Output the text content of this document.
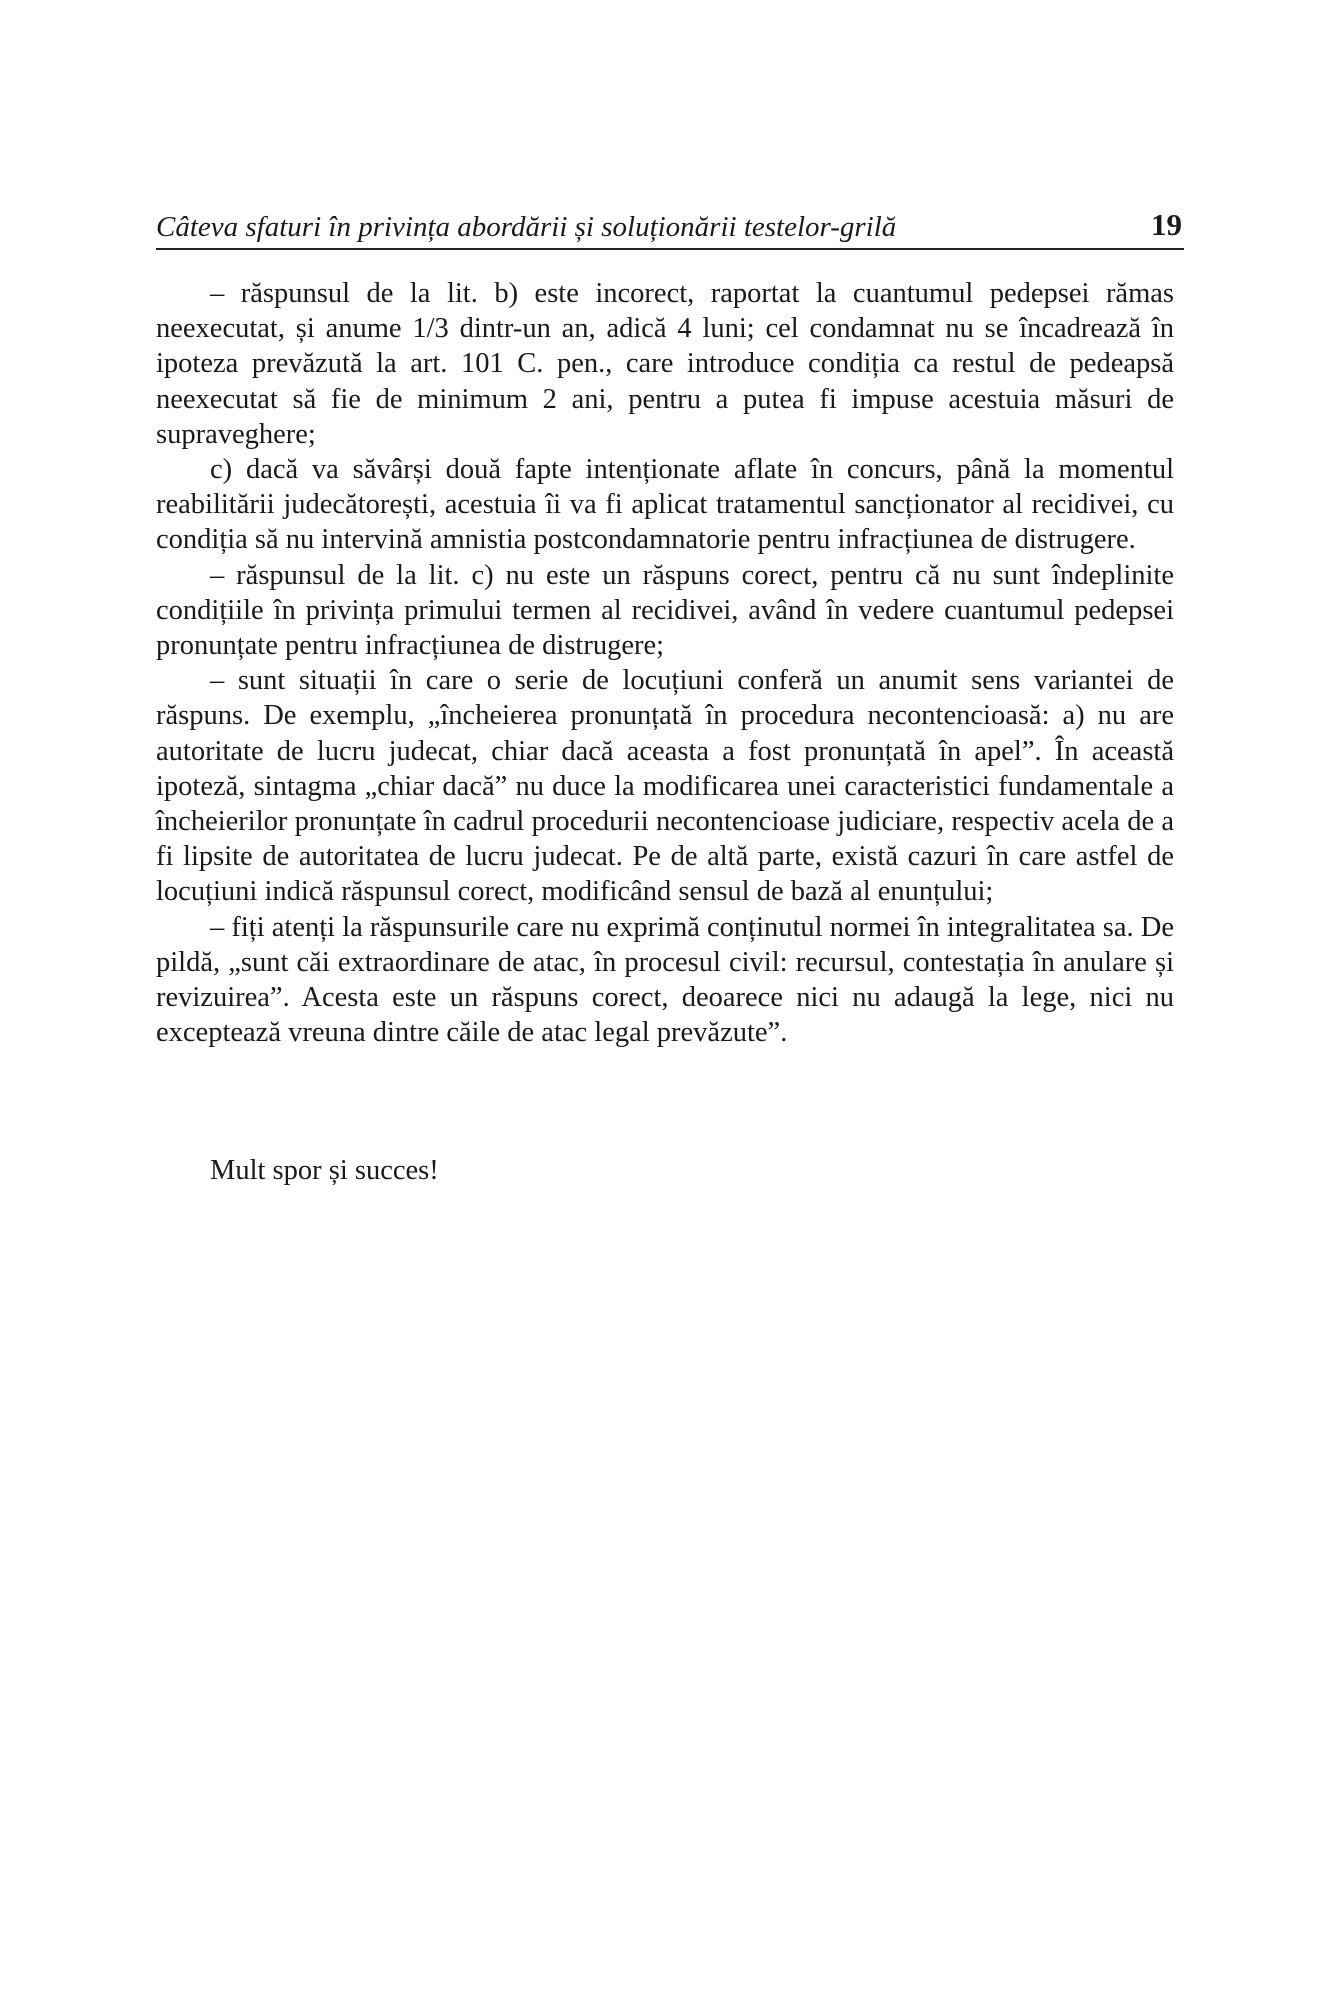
Câteva sfaturi în privința abordării și soluționării testelor-grilă	19

– răspunsul de la lit. b) este incorect, raportat la cuantumul pedepsei rămas neexecutat, și anume 1/3 dintr-un an, adică 4 luni; cel condamnat nu se încadrează în ipoteza prevăzută la art. 101 C. pen., care introduce condiția ca restul de pedeapsă neexecutat să fie de minimum 2 ani, pentru a putea fi impuse acestuia măsuri de supraveghere;

c) dacă va săvârși două fapte intenționate aflate în concurs, până la momentul reabilitării judecătorești, acestuia îi va fi aplicat tratamentul sancționator al recidivei, cu condiția să nu intervină amnistia postcondamnatorie pentru infracțiunea de distrugere.

– răspunsul de la lit. c) nu este un răspuns corect, pentru că nu sunt îndeplinite condițiile în privința primului termen al recidivei, având în vedere cuantumul pedepsei pronunțate pentru infracțiunea de distrugere;

– sunt situații în care o serie de locuțiuni conferă un anumit sens variantei de răspuns. De exemplu, „încheierea pronunțată în procedura necontencioasă: a) nu are autoritate de lucru judecat, chiar dacă aceasta a fost pronunțată în apel”. În această ipoteză, sintagma „chiar dacă” nu duce la modificarea unei caracteristici fundamentale a încheierilor pronunțate în cadrul procedurii necontencioase judiciare, respectiv acela de a fi lipsite de autoritatea de lucru judecat. Pe de altă parte, există cazuri în care astfel de locuțiuni indică răspunsul corect, modificând sensul de bază al enunțului;

– fiți atenți la răspunsurile care nu exprimă conținutul normei în integralitatea sa. De pildă, „sunt căi extraordinare de atac, în procesul civil: recursul, contestația în anulare și revizuirea”. Acesta este un răspuns corect, deoarece nici nu adaugă la lege, nici nu exceptează vreuna dintre căile de atac legal prevăzute”.

Mult spor și succes!
